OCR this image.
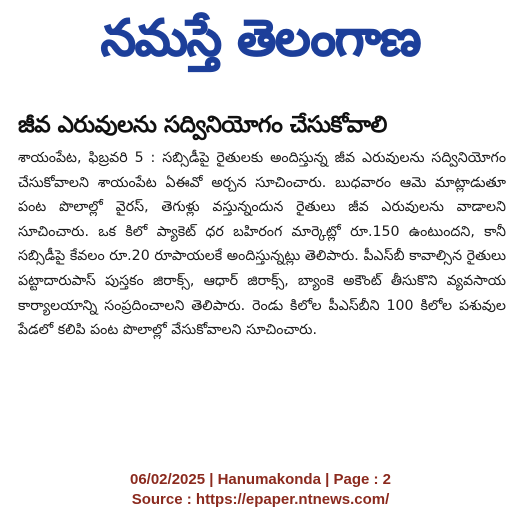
నమస్తే తెలంగాణ
జీవ ఎరువులను సద్వినియోగం చేసుకోవాలి
శాయంపేట, ఫిబ్రవరి 5 : సబ్సిడీపై రైతులకు అందిస్తున్న జీవ ఎరువులను సద్వినియోగం చేసుకోవాలని శాయంపేట ఏఈవో అర్చన సూచించారు. బుధవారం ఆమె మాట్లాడుతూ పంట పొలాల్లో వైరస్, తెగుళ్లు వస్తున్నందున రైతులు జీవ ఎరువులను వాడాలని సూచించారు. ఒక కిలో ప్యాకెట్ ధర బహిరంగ మార్కెట్లో రూ.150 ఉంటుందని, కానీ సబ్సిడీపై కేవలం రూ.20 రూపాయలకే అందిస్తున్నట్లు తెలిపారు. పీఎస్‌బీ కావాల్సిన రైతులు పట్టాదారుపాస్ పుస్తకం జిరాక్స్, ఆధార్ జిరాక్స్, బ్యాంకె అకౌంట్ తీసుకొని వ్యవసాయ కార్యాలయాన్ని సంప్రదించాలని తెలిపారు. రెండు కిలోల పీఎస్‌బీని 100 కిలోల పశువుల పేడలో కలిపి పంట పొలాల్లో వేసుకోవాలని సూచించారు.
06/02/2025 | Hanumakonda | Page : 2
Source : https://epaper.ntnews.com/
